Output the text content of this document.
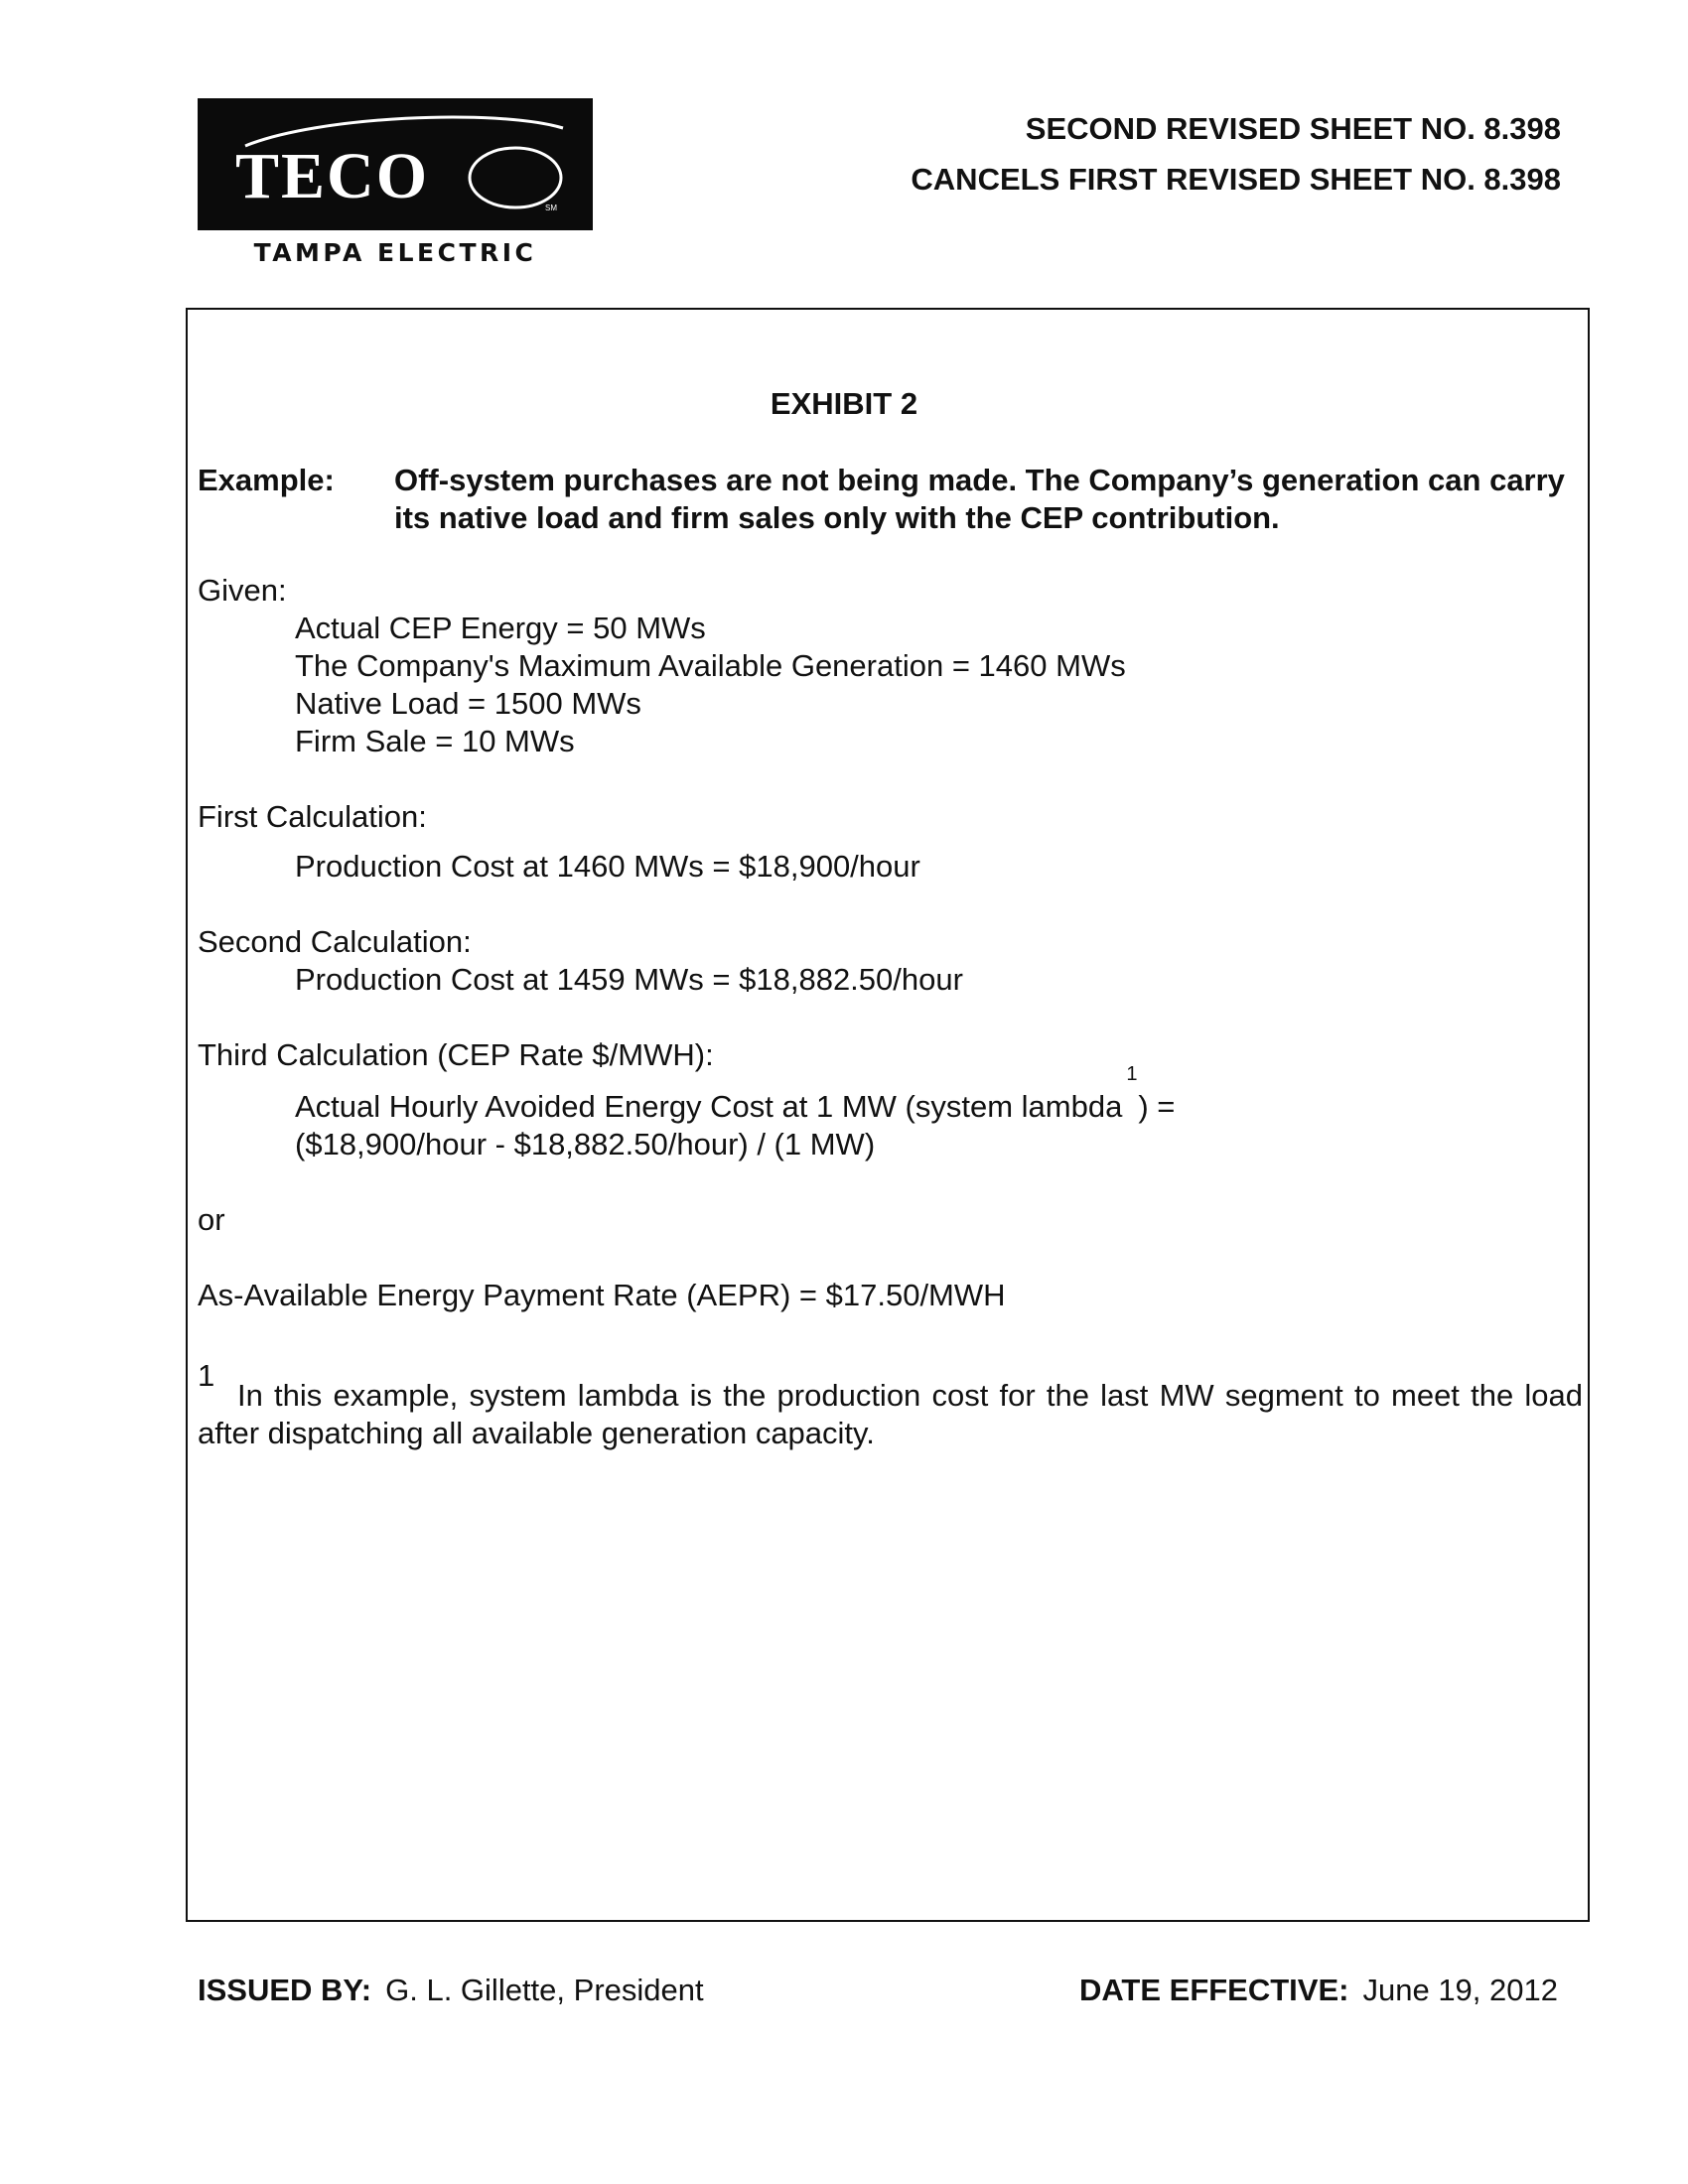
TECO	SM
TAMPA ELECTRIC
SECOND REVISED SHEET NO. 8.398
CANCELS FIRST REVISED SHEET NO. 8.398
EXHIBIT 2
Example: Off-system purchases are not being made. The Company’s generation can carry its native load and firm sales only with the CEP contribution.
Given:
Actual CEP Energy = 50 MWs
The Company's Maximum Available Generation = 1460 MWs
Native Load = 1500 MWs
Firm Sale = 10 MWs
First Calculation:
Production Cost at 1460 MWs = $18,900/hour
Second Calculation:
Production Cost at 1459 MWs = $18,882.50/hour
Third Calculation (CEP Rate $/MWH):
Actual Hourly Avoided Energy Cost at 1 MW (system lambda
1
) =
($18,900/hour - $18,882.50/hour) / (1 MW)
or
As-Available Energy Payment Rate (AEPR) = $17.50/MWH
1
In this example, system lambda is the production cost for the last MW segment to meet the load after dispatching all available generation capacity.
ISSUED BY: G. L. Gillette, President	DATE EFFECTIVE: June 19, 2012
